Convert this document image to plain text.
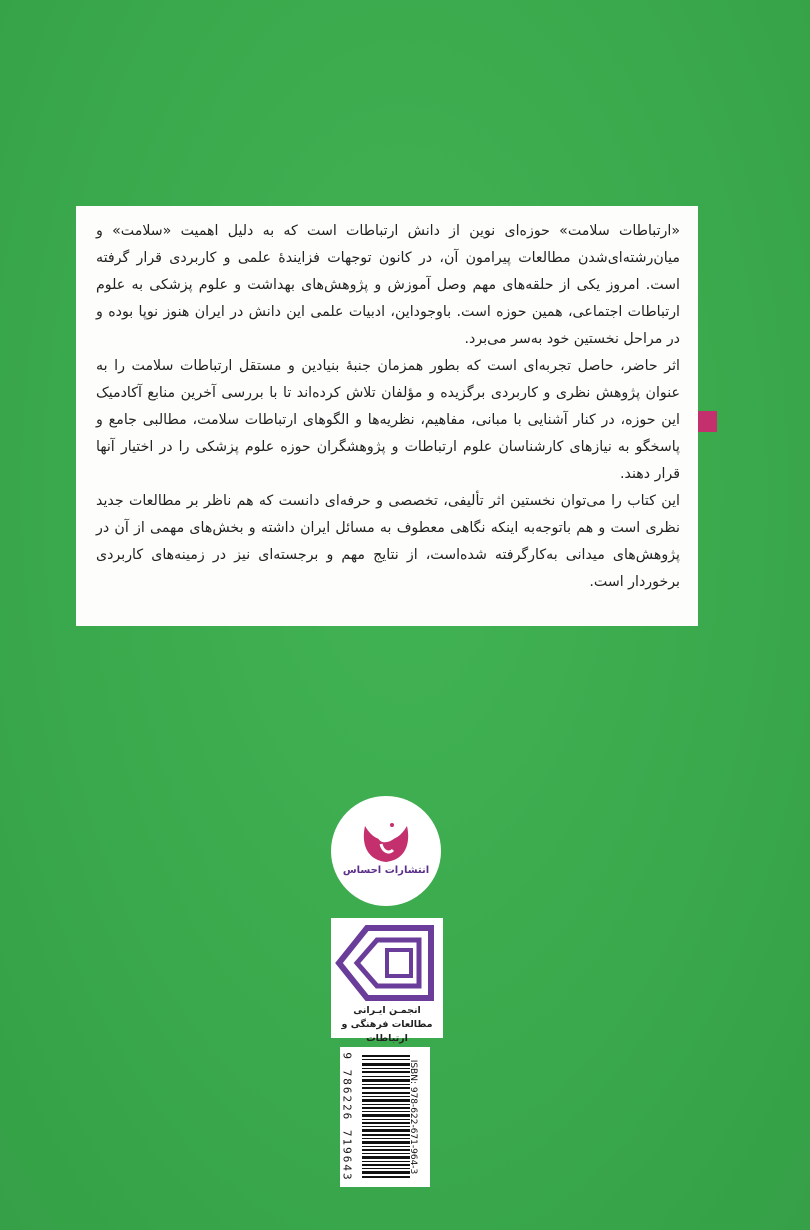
«ارتباطات سلامت» حوزه‌ای نوین از دانش ارتباطات است که به دلیل اهمیت «سلامت» و میان‌رشته‌ای‌شدن مطالعات پیرامون آن، در کانون توجهات فزایندهٔ علمی و کاربردی قرار گرفته است. امروز یکی از حلقه‌های مهم وصل آموزش و پژوهش‌های بهداشت و علوم پزشکی به علوم ارتباطات اجتماعی، همین حوزه است. باوجوداین، ادبیات علمی این دانش در ایران هنوز نوپا بوده و در مراحل نخستین خود به‌سر می‌برد.

اثر حاضر، حاصل تجربه‌ای است که بطور همزمان جنبهٔ بنیادین و مستقل ارتباطات سلامت را به عنوان پژوهش نظری و کاربردی برگزیده و مؤلفان تلاش کرده‌اند تا با بررسی آخرین منابع آکادمیک این حوزه، در کنار آشنایی با مبانی، مفاهیم، نظریه‌ها و الگوهای ارتباطات سلامت، مطالبی جامع و پاسخگو به نیازهای کارشناسان علوم ارتباطات و پژوهشگران حوزه علوم پزشکی را در اختیار آنها قرار دهند.

این کتاب را می‌توان نخستین اثر تألیفی، تخصصی و حرفه‌ای دانست که هم ناظر بر مطالعات جدید نظری است و هم باتوجه‌به اینکه نگاهی معطوف به مسائل ایران داشته و بخش‌های مهمی از آن در پژوهش‌های میدانی به‌کار‌گرفته شده‌است، از نتایج مهم و برجسته‌ای نیز در زمینه‌های کاربردی برخوردار است.

انتشارات احساس
انجمـن ایـرانی
مطالعات فرهنگی و ارتباطات
ISBN: 978-622-671-964-3
9 786226 719643
